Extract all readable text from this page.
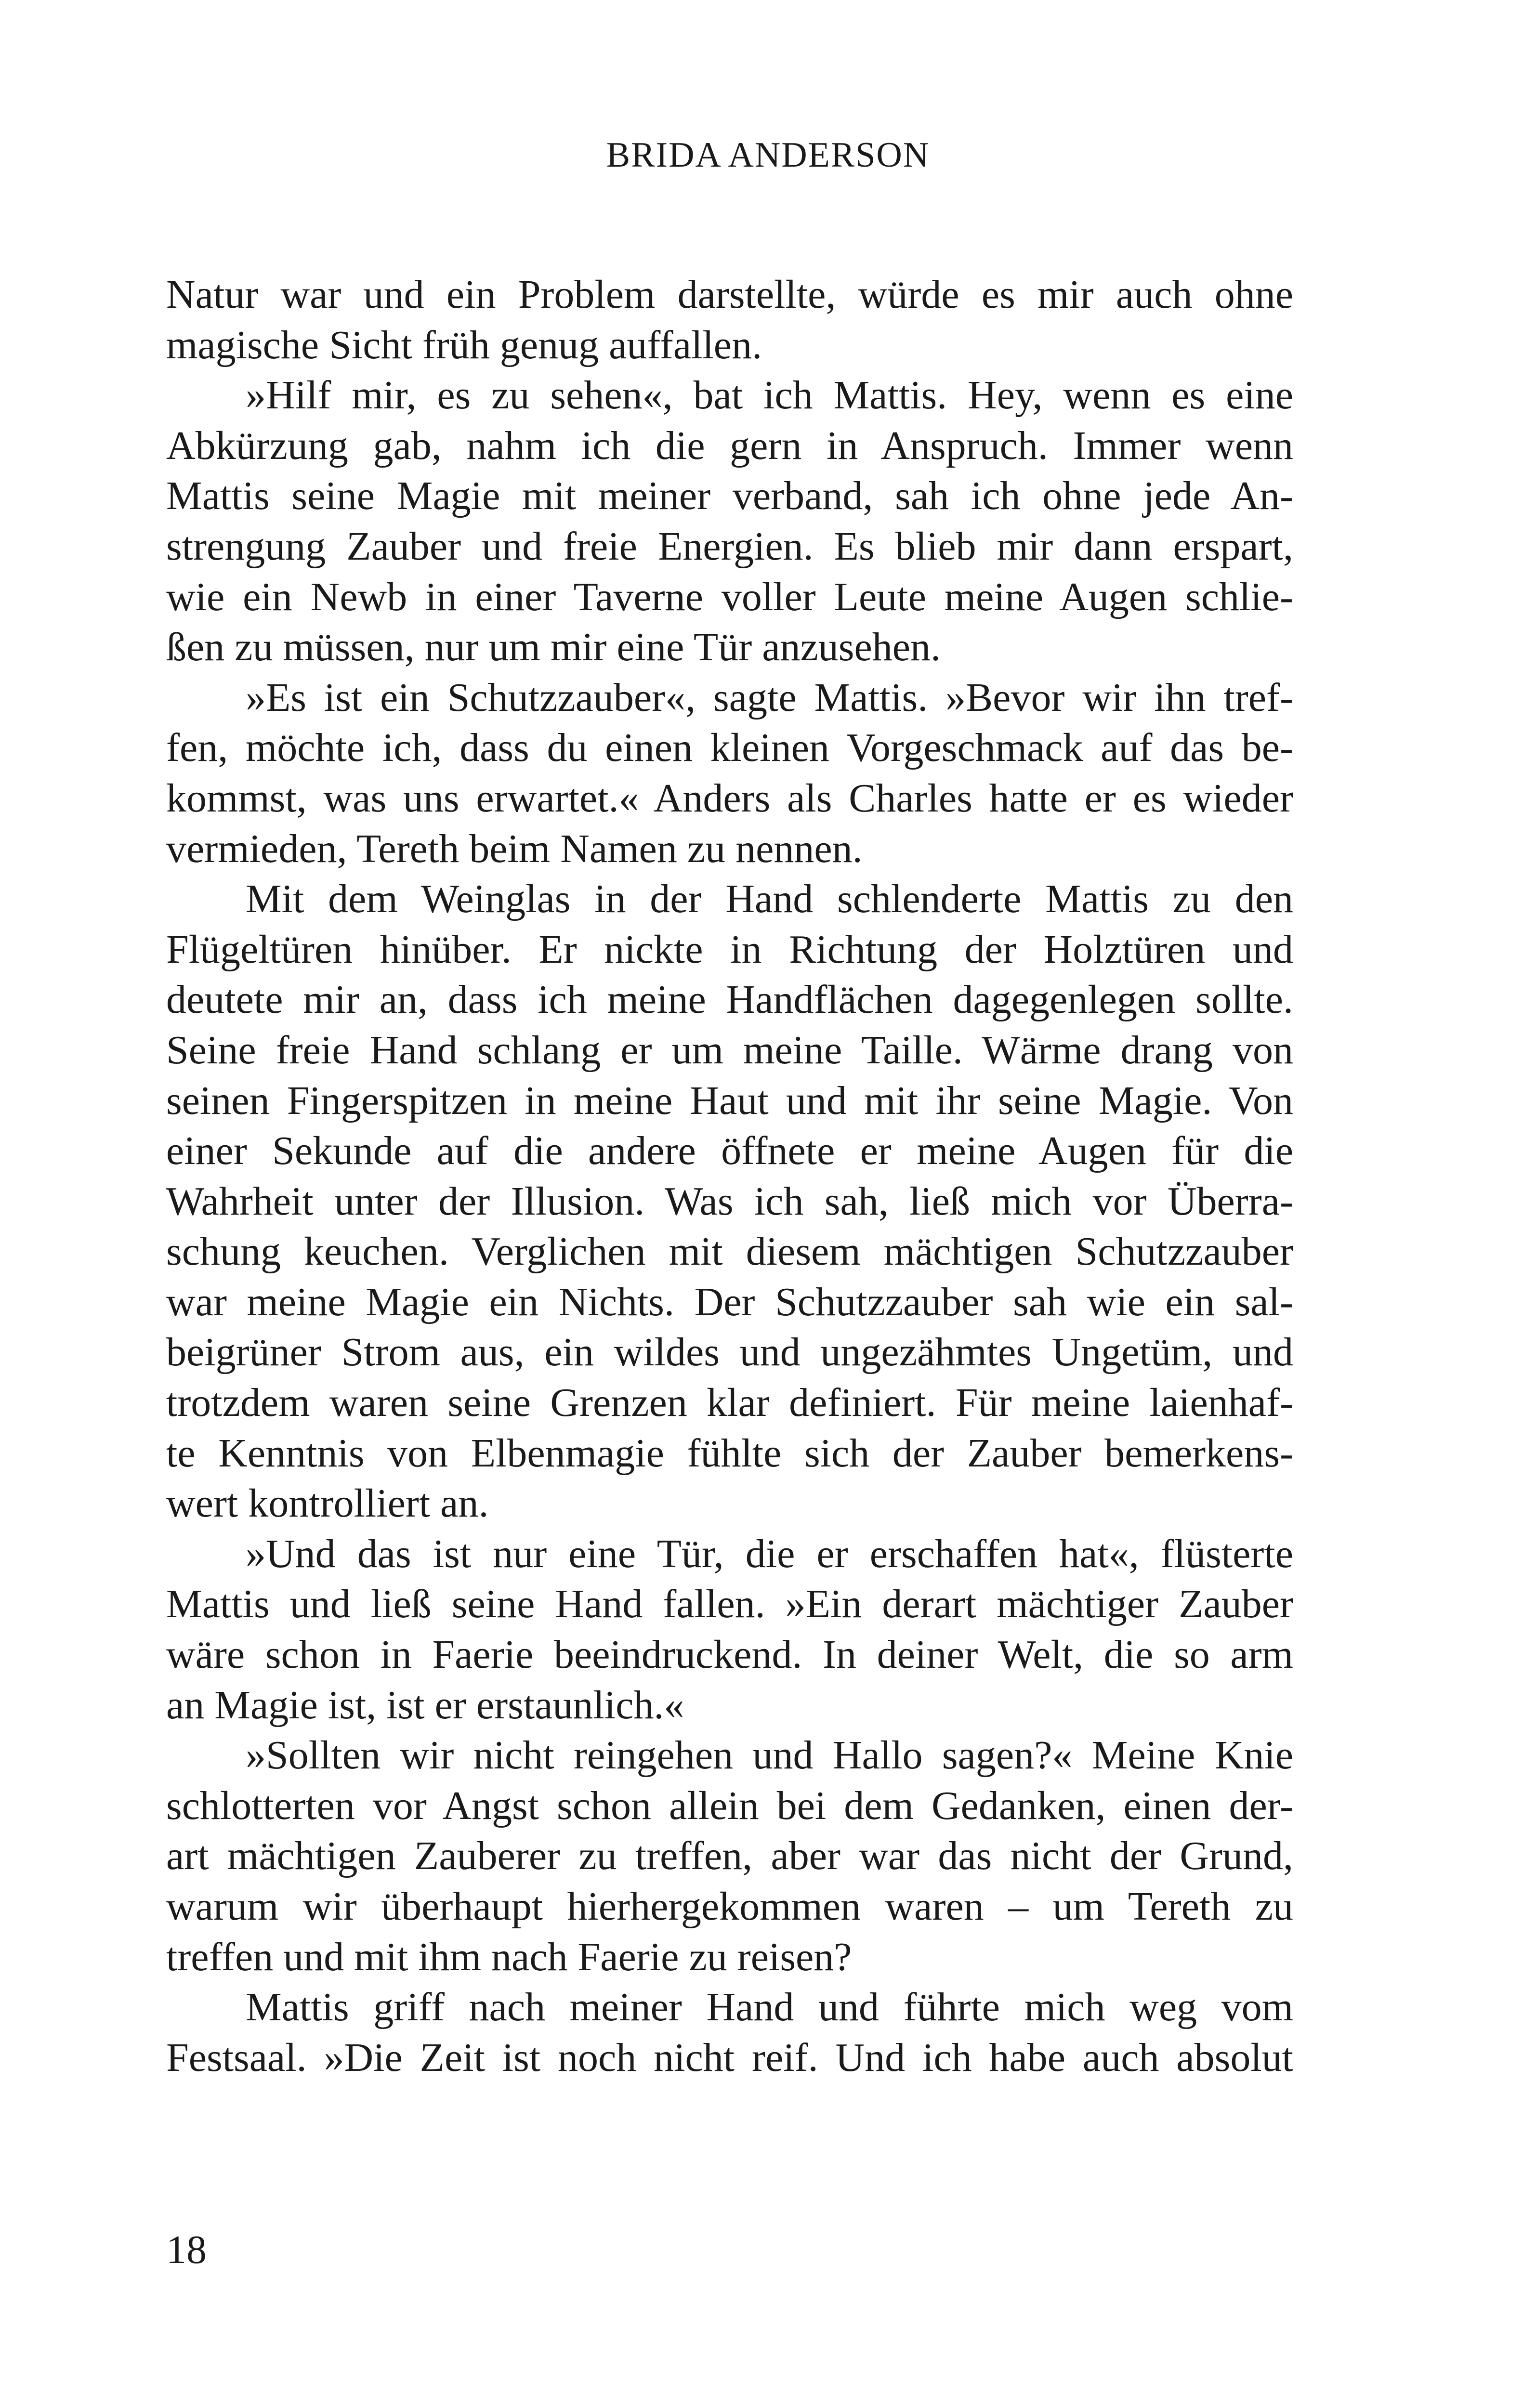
BRIDA ANDERSON
Natur war und ein Problem darstellte, würde es mir auch ohne
magische Sicht früh genug auffallen.
»Hilf mir, es zu sehen«, bat ich Mattis. Hey, wenn es eine
Abkürzung gab, nahm ich die gern in Anspruch. Immer wenn
Mattis seine Magie mit meiner verband, sah ich ohne jede An-
strengung Zauber und freie Energien. Es blieb mir dann erspart,
wie ein Newb in einer Taverne voller Leute meine Augen schlie-
ßen zu müssen, nur um mir eine Tür anzusehen.
»Es ist ein Schutzzauber«, sagte Mattis. »Bevor wir ihn tref-
fen, möchte ich, dass du einen kleinen Vorgeschmack auf das be-
kommst, was uns erwartet.« Anders als Charles hatte er es wieder
vermieden, Tereth beim Namen zu nennen.
Mit dem Weinglas in der Hand schlenderte Mattis zu den
Flügeltüren hinüber. Er nickte in Richtung der Holztüren und
deutete mir an, dass ich meine Handflächen dagegenlegen sollte.
Seine freie Hand schlang er um meine Taille. Wärme drang von
seinen Fingerspitzen in meine Haut und mit ihr seine Magie. Von
einer Sekunde auf die andere öffnete er meine Augen für die
Wahrheit unter der Illusion. Was ich sah, ließ mich vor Überra-
schung keuchen. Verglichen mit diesem mächtigen Schutzzauber
war meine Magie ein Nichts. Der Schutzzauber sah wie ein sal-
beigrüner Strom aus, ein wildes und ungezähmtes Ungetüm, und
trotzdem waren seine Grenzen klar definiert. Für meine laienhaf-
te Kenntnis von Elbenmagie fühlte sich der Zauber bemerkens-
wert kontrolliert an.
»Und das ist nur eine Tür, die er erschaffen hat«, flüsterte
Mattis und ließ seine Hand fallen. »Ein derart mächtiger Zauber
wäre schon in Faerie beeindruckend. In deiner Welt, die so arm
an Magie ist, ist er erstaunlich.«
»Sollten wir nicht reingehen und Hallo sagen?« Meine Knie
schlotterten vor Angst schon allein bei dem Gedanken, einen der-
art mächtigen Zauberer zu treffen, aber war das nicht der Grund,
warum wir überhaupt hierhergekommen waren – um Tereth zu
treffen und mit ihm nach Faerie zu reisen?
Mattis griff nach meiner Hand und führte mich weg vom
Festsaal. »Die Zeit ist noch nicht reif. Und ich habe auch absolut
18
